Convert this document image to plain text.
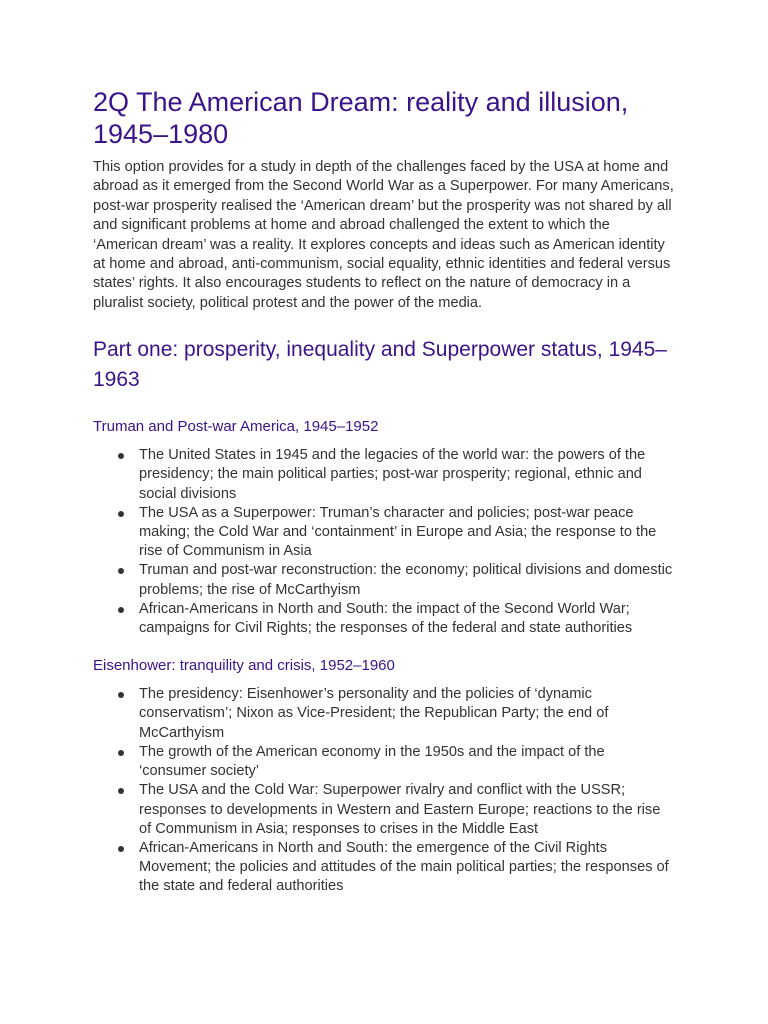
2Q The American Dream: reality and illusion, 1945–1980

This option provides for a study in depth of the challenges faced by the USA at home and abroad as it emerged from the Second World War as a Superpower. For many Americans, post-war prosperity realised the ‘American dream’ but the prosperity was not shared by all and significant problems at home and abroad challenged the extent to which the ‘American dream’ was a reality. It explores concepts and ideas such as American identity at home and abroad, anti-communism, social equality, ethnic identities and federal versus states’ rights. It also encourages students to reflect on the nature of democracy in a pluralist society, political protest and the power of the media.

Part one: prosperity, inequality and Superpower status, 1945–1963
Truman and Post-war America, 1945–1952
The United States in 1945 and the legacies of the world war: the powers of the presidency; the main political parties; post-war prosperity; regional, ethnic and social divisions
The USA as a Superpower: Truman’s character and policies; post-war peace making; the Cold War and ‘containment’ in Europe and Asia; the response to the rise of Communism in Asia
Truman and post-war reconstruction: the economy; political divisions and domestic problems; the rise of McCarthyism
African-Americans in North and South: the impact of the Second World War; campaigns for Civil Rights; the responses of the federal and state authorities
Eisenhower: tranquility and crisis, 1952–1960
The presidency: Eisenhower’s personality and the policies of ‘dynamic conservatism’; Nixon as Vice-President; the Republican Party; the end of McCarthyism
The growth of the American economy in the 1950s and the impact of the ‘consumer society’
The USA and the Cold War: Superpower rivalry and conflict with the USSR; responses to developments in Western and Eastern Europe; reactions to the rise of Communism in Asia; responses to crises in the Middle East
African-Americans in North and South: the emergence of the Civil Rights Movement; the policies and attitudes of the main political parties; the responses of the state and federal authorities
